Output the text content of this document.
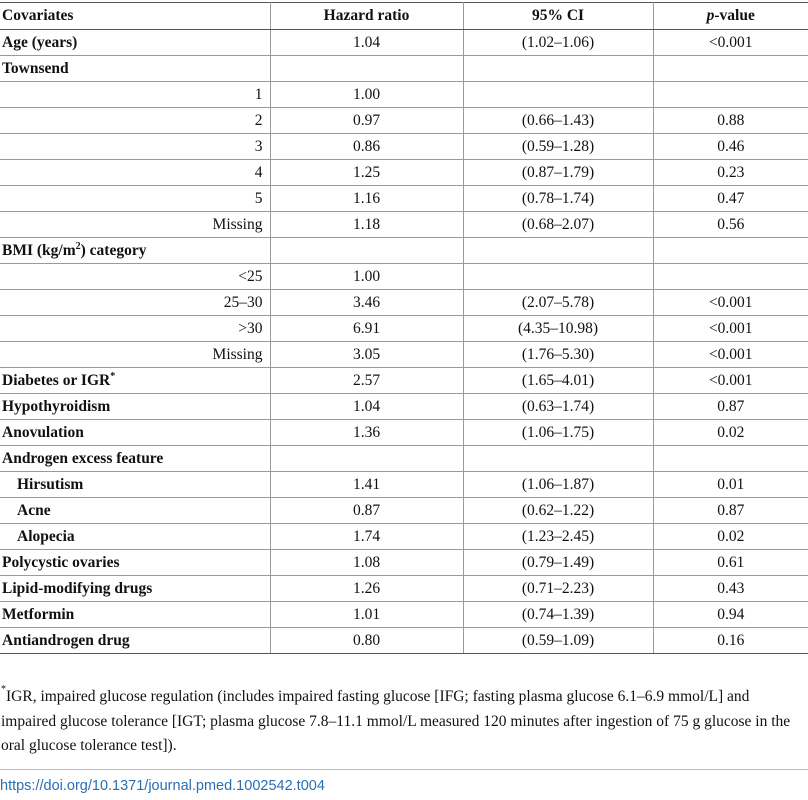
Covariates	Hazard ratio	95% CI	p-value
Age (years)	1.04	(1.02–1.06)	<0.001
Townsend			
1	1.00		
2	0.97	(0.66–1.43)	0.88
3	0.86	(0.59–1.28)	0.46
4	1.25	(0.87–1.79)	0.23
5	1.16	(0.78–1.74)	0.47
Missing	1.18	(0.68–2.07)	0.56
BMI $(kg/m^2)$ category			
<25	1.00		
25–30	3.46	(2.07–5.78)	<0.001
>30	6.91	(4.35–10.98)	<0.001
Missing	3.05	(1.76–5.30)	<0.001
Diabetes or IGR*	2.57	(1.65–4.01)	<0.001
Hypothyroidism	1.04	(0.63–1.74)	0.87
Anovulation	1.36	(1.06–1.75)	0.02
Androgen excess feature			
Hirsutism	1.41	(1.06–1.87)	0.01
Acne	0.87	(0.62–1.22)	0.87
Alopecia	1.74	(1.23–2.45)	0.02
Polycystic ovaries	1.08	(0.79–1.49)	0.61
Lipid-modifying drugs	1.26	(0.71–2.23)	0.43
Metformin	1.01	(0.74–1.39)	0.94
Antiandrogen drug	0.80	(0.59–1.09)	0.16
*IGR, impaired glucose regulation (includes impaired fasting glucose [IFG; fasting plasma glucose 6.1–6.9 mmol/L] and impaired glucose tolerance [IGT; plasma glucose 7.8–11.1 mmol/L measured 120 minutes after ingestion of 75 g glucose in the oral glucose tolerance test]).
https://doi.org/10.1371/journal.pmed.1002542.t004
